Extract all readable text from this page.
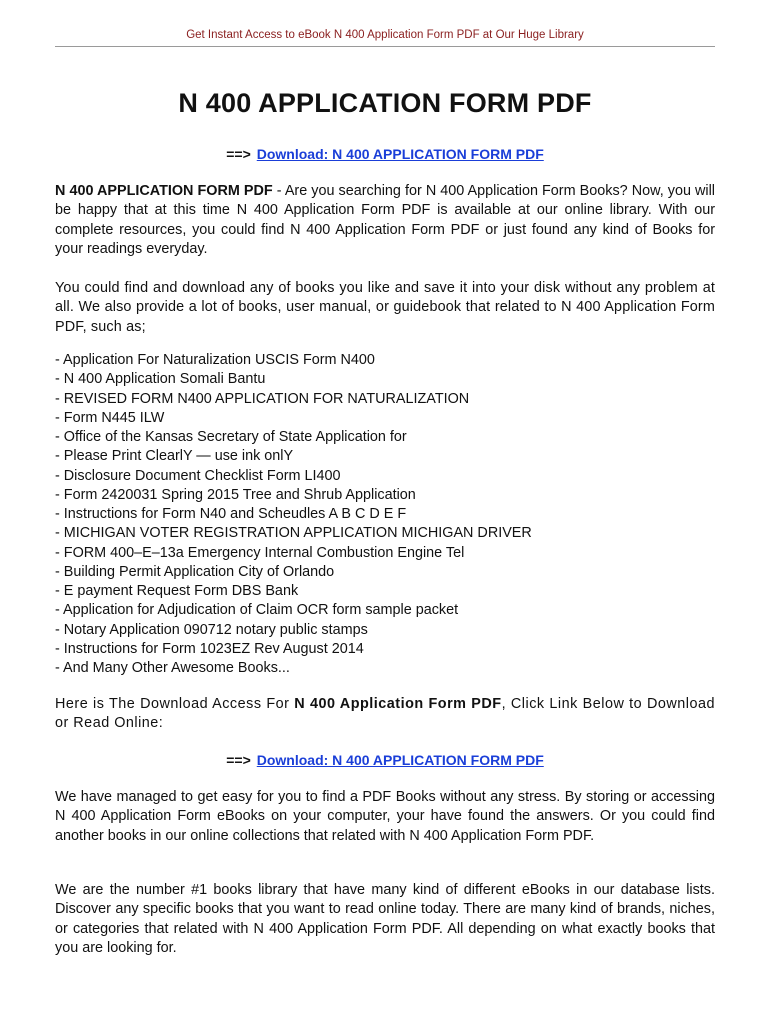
Get Instant Access to eBook N 400 Application Form PDF at Our Huge Library
N 400 APPLICATION FORM PDF
==> Download: N 400 APPLICATION FORM PDF

N 400 APPLICATION FORM PDF - Are you searching for N 400 Application Form Books? Now, you will be happy that at this time N 400 Application Form PDF is available at our online library. With our complete resources, you could find N 400 Application Form PDF or just found any kind of Books for your readings everyday.

You could find and download any of books you like and save it into your disk without any problem at all. We also provide a lot of books, user manual, or guidebook that related to N 400 Application Form PDF, such as;

- Application For Naturalization USCIS Form N400
- N 400 Application Somali Bantu
- REVISED FORM N400 APPLICATION FOR NATURALIZATION
- Form N445 ILW
- Office of the Kansas Secretary of State Application for
- Please Print ClearlY — use ink onlY
- Disclosure Document Checklist Form LI400
- Form 2420031 Spring 2015 Tree and Shrub Application
- Instructions for Form N40 and Scheudles A B C D E F
- MICHIGAN VOTER REGISTRATION APPLICATION MICHIGAN DRIVER
- FORM 400–E–13a Emergency Internal Combustion Engine Tel
- Building Permit Application City of Orlando
- E payment Request Form DBS Bank
- Application for Adjudication of Claim OCR form sample packet
- Notary Application 090712 notary public stamps
- Instructions for Form 1023EZ Rev August 2014
- And Many Other Awesome Books...

Here is The Download Access For N 400 Application Form PDF, Click Link Below to Download or Read Online:

==> Download: N 400 APPLICATION FORM PDF

We have managed to get easy for you to find a PDF Books without any stress. By storing or accessing N 400 Application Form eBooks on your computer, your have found the answers. Or you could find another books in our online collections that related with N 400 Application Form PDF.

We are the number #1 books library that have many kind of different eBooks in our database lists. Discover any specific books that you want to read online today. There are many kind of brands, niches, or categories that related with N 400 Application Form PDF. All depending on what exactly books that you are looking for.
